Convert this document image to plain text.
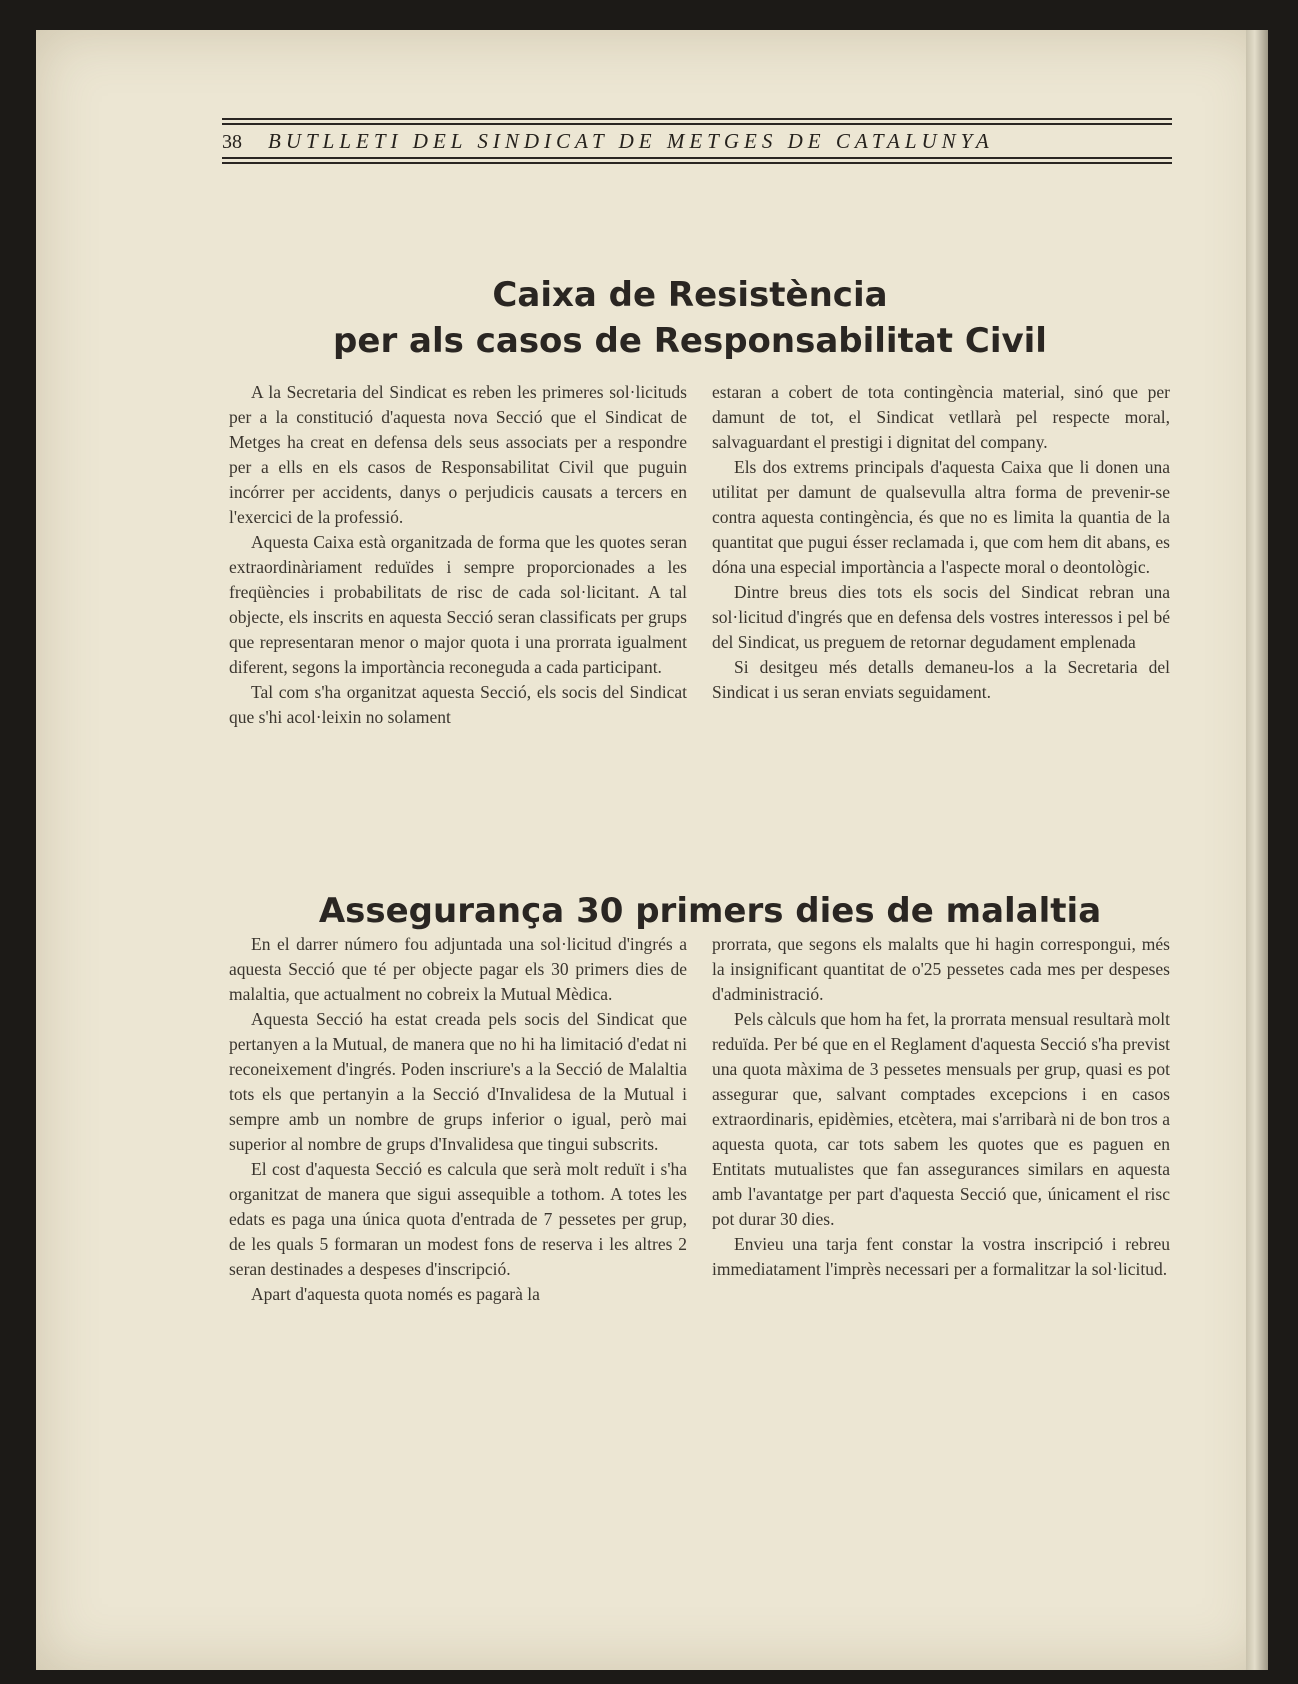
38 BUTLLETI DEL SINDICAT DE METGES DE CATALUNYA
Caixa de Resistència
per als casos de Responsabilitat Civil

A la Secretaria del Sindicat es reben les primeres sol·licituds per a la constitució d'aquesta nova Secció que el Sindicat de Metges ha creat en defensa dels seus associats per a respondre per a ells en els casos de Responsabilitat Civil que puguin incórrer per accidents, danys o perjudicis causats a tercers en l'exercici de la professió.

Aquesta Caixa està organitzada de forma que les quotes seran extraordinàriament reduïdes i sempre proporcionades a les freqüències i probabilitats de risc de cada sol·licitant. A tal objecte, els inscrits en aquesta Secció seran classificats per grups que representaran menor o major quota i una prorrata igualment diferent, segons la importància reconeguda a cada participant.

Tal com s'ha organitzat aquesta Secció, els socis del Sindicat que s'hi acol·leixin no solament

estaran a cobert de tota contingència material, sinó que per damunt de tot, el Sindicat vetllarà pel respecte moral, salvaguardant el prestigi i dignitat del company.

Els dos extrems principals d'aquesta Caixa que li donen una utilitat per damunt de qualsevulla altra forma de prevenir-se contra aquesta contingència, és que no es limita la quantia de la quantitat que pugui ésser reclamada i, que com hem dit abans, es dóna una especial importància a l'aspecte moral o deontològic.

Dintre breus dies tots els socis del Sindicat rebran una sol·licitud d'ingrés que en defensa dels vostres interessos i pel bé del Sindicat, us preguem de retornar degudament emplenada

Si desitgeu més detalls demaneu-los a la Secretaria del Sindicat i us seran enviats seguidament.

Assegurança 30 primers dies de malaltia

En el darrer número fou adjuntada una sol·licitud d'ingrés a aquesta Secció que té per objecte pagar els 30 primers dies de malaltia, que actualment no cobreix la Mutual Mèdica.

Aquesta Secció ha estat creada pels socis del Sindicat que pertanyen a la Mutual, de manera que no hi ha limitació d'edat ni reconeixement d'ingrés. Poden inscriure's a la Secció de Malaltia tots els que pertanyin a la Secció d'Invalidesa de la Mutual i sempre amb un nombre de grups inferior o igual, però mai superior al nombre de grups d'Invalidesa que tingui subscrits.

El cost d'aquesta Secció es calcula que serà molt reduït i s'ha organitzat de manera que sigui assequible a tothom. A totes les edats es paga una única quota d'entrada de 7 pessetes per grup, de les quals 5 formaran un modest fons de reserva i les altres 2 seran destinades a despeses d'inscripció.

Apart d'aquesta quota només es pagarà la

prorrata, que segons els malalts que hi hagin correspongui, més la insignificant quantitat de o'25 pessetes cada mes per despeses d'administració.

Pels càlculs que hom ha fet, la prorrata mensual resultarà molt reduïda. Per bé que en el Reglament d'aquesta Secció s'ha previst una quota màxima de 3 pessetes mensuals per grup, quasi es pot assegurar que, salvant comptades excepcions i en casos extraordinaris, epidèmies, etcètera, mai s'arribarà ni de bon tros a aquesta quota, car tots sabem les quotes que es paguen en Entitats mutualistes que fan assegurances similars en aquesta amb l'avantatge per part d'aquesta Secció que, únicament el risc pot durar 30 dies.

Envieu una tarja fent constar la vostra inscripció i rebreu immediatament l'imprès necessari per a formalitzar la sol·licitud.
